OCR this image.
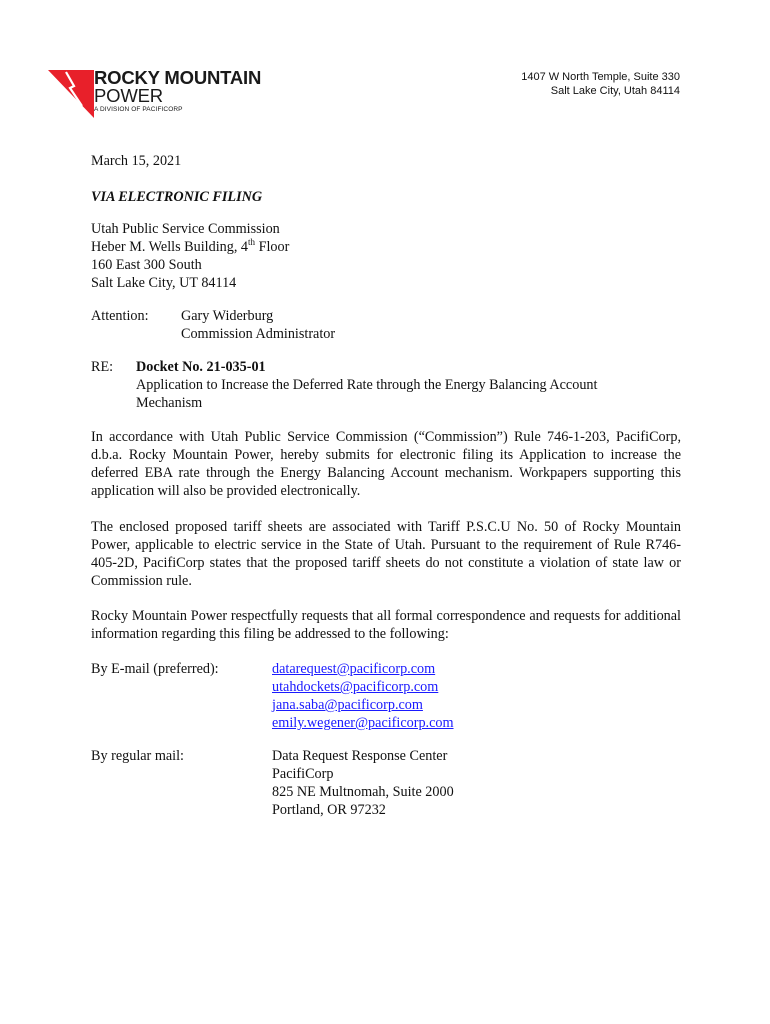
ROCKY MOUNTAIN
POWER
A DIVISION OF PACIFICORP
1407 W North Temple, Suite 330
Salt Lake City, Utah 84114
March 15, 2021
VIA ELECTRONIC FILING
Utah Public Service Commission
Heber M. Wells Building, 4th Floor
160 East 300 South
Salt Lake City, UT 84114
Attention: Gary Widerburg
Commission Administrator
RE: Docket No. 21-035-01
Application to Increase the Deferred Rate through the Energy Balancing Account
Mechanism
In accordance with Utah Public Service Commission (“Commission”) Rule 746-1-203, PacifiCorp, d.b.a. Rocky Mountain Power, hereby submits for electronic filing its Application to increase the deferred EBA rate through the Energy Balancing Account mechanism. Workpapers supporting this application will also be provided electronically.
The enclosed proposed tariff sheets are associated with Tariff P.S.C.U No. 50 of Rocky Mountain Power, applicable to electric service in the State of Utah. Pursuant to the requirement of Rule R746-405-2D, PacifiCorp states that the proposed tariff sheets do not constitute a violation of state law or Commission rule.
Rocky Mountain Power respectfully requests that all formal correspondence and requests for additional information regarding this filing be addressed to the following:
By E-mail (preferred):	datarequest@pacificorp.com
utahdockets@pacificorp.com
jana.saba@pacificorp.com
emily.wegener@pacificorp.com
By regular mail:	Data Request Response Center
PacifiCorp
825 NE Multnomah, Suite 2000
Portland, OR 97232
